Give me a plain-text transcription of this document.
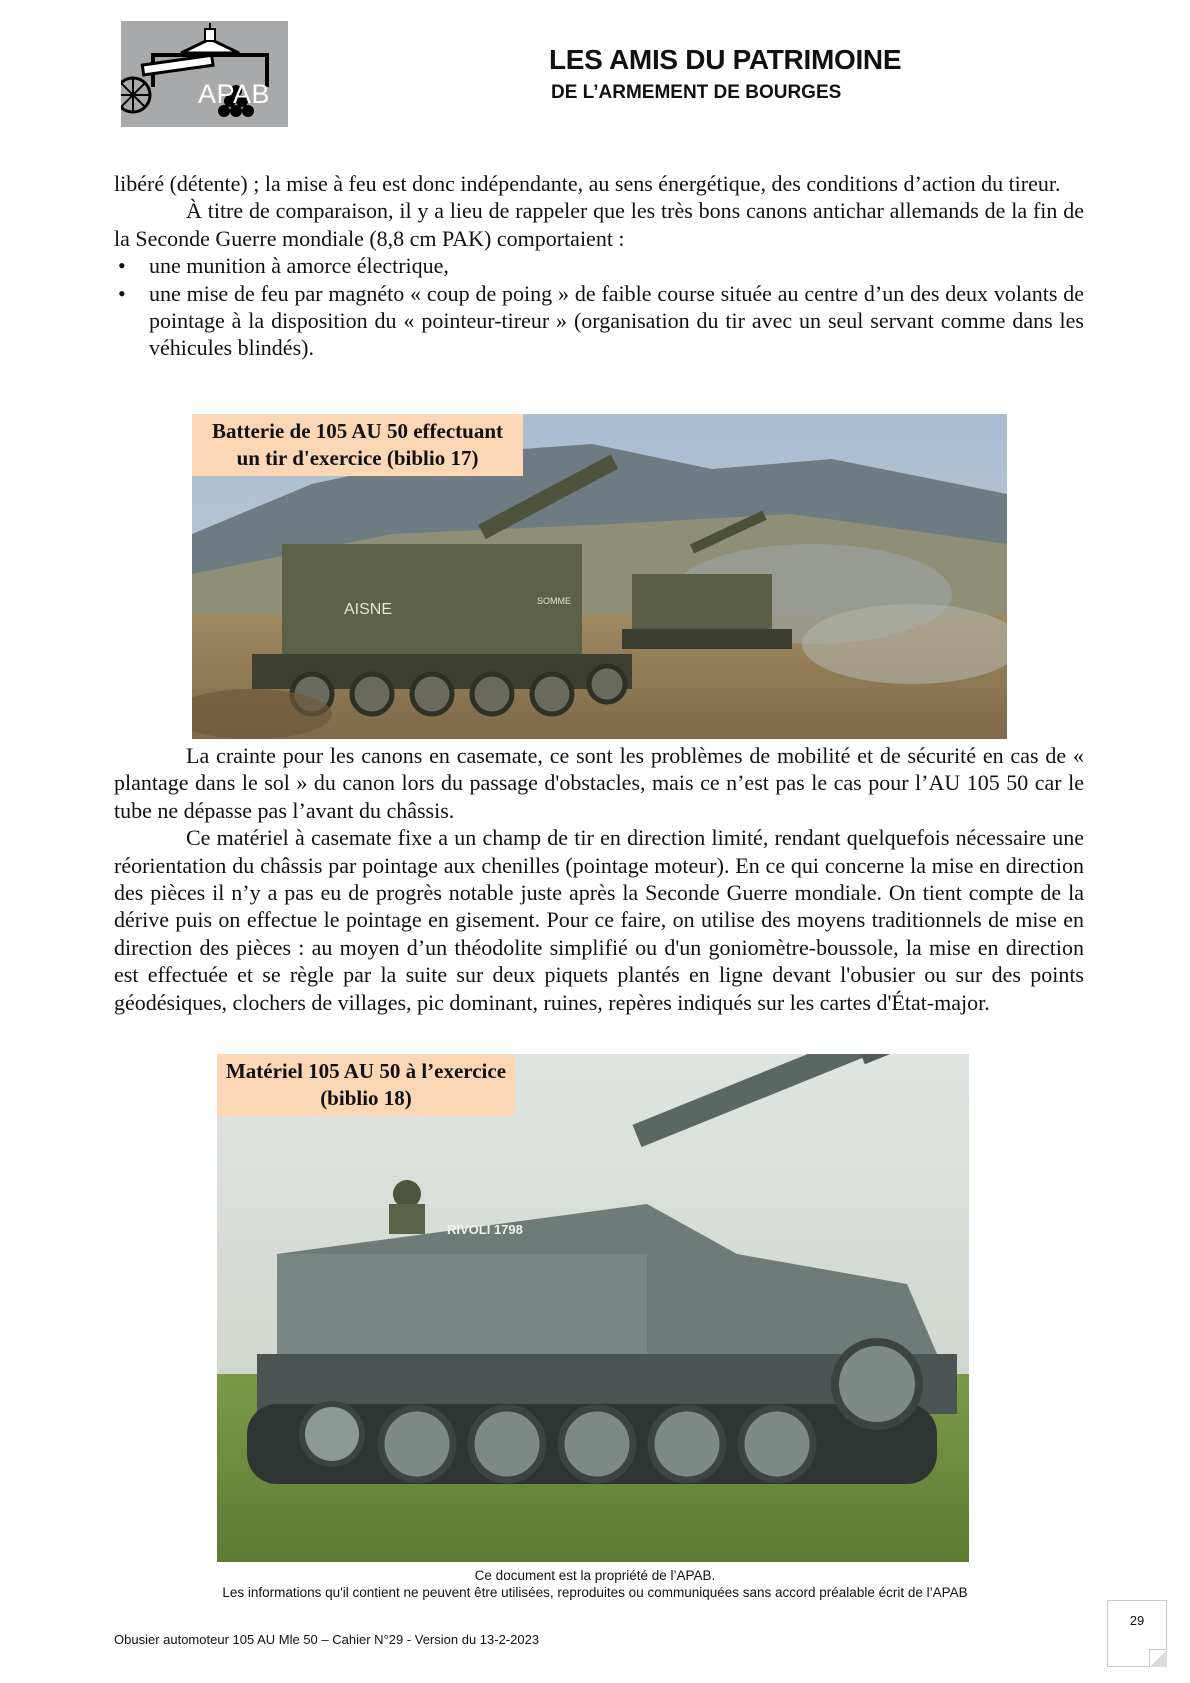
APAB
LES AMIS DU PATRIMOINE
DE L’ARMEMENT DE BOURGES

libéré (détente) ; la mise à feu est donc indépendante, au sens énergétique, des conditions d’action du tireur.

À titre de comparaison, il y a lieu de rappeler que les très bons canons antichar allemands de la fin de la Seconde Guerre mondiale (8,8 cm PAK) comportaient :

• une munition à amorce électrique,
• une mise de feu par magnéto « coup de poing » de faible course située au centre d’un des deux volants de pointage à la disposition du « pointeur-tireur » (organisation du tir avec un seul servant comme dans les véhicules blindés).
AISNE	SOMME
Batterie de 105 AU 50 effectuant
un tir d'exercice (biblio 17)

La crainte pour les canons en casemate, ce sont les problèmes de mobilité et de sécurité en cas de « plantage dans le sol » du canon lors du passage d'obstacles, mais ce n’est pas le cas pour l’AU 105 50 car le tube ne dépasse pas l’avant du châssis.

Ce matériel à casemate fixe a un champ de tir en direction limité, rendant quelquefois nécessaire une réorientation du châssis par pointage aux chenilles (pointage moteur). En ce qui concerne la mise en direction des pièces il n’y a pas eu de progrès notable juste après la Seconde Guerre mondiale. On tient compte de la dérive puis on effectue le pointage en gisement. Pour ce faire, on utilise des moyens traditionnels de mise en direction des pièces : au moyen d’un théodolite simplifié ou d'un goniomètre-boussole, la mise en direction est effectuée et se règle par la suite sur deux piquets plantés en ligne devant l'obusier ou sur des points géodésiques, clochers de villages, pic dominant, ruines, repères indiqués sur les cartes d'État-major.

RIVOLI 1798
Matériel 105 AU 50 à l’exercice
(biblio 18)
Ce document est la propriété de l’APAB.
Les informations qu'il contient ne peuvent être utilisées, reproduites ou communiquées sans accord préalable écrit de l’APAB
Obusier automoteur 105 AU Mle 50 – Cahier N°29 - Version du 13-2-2023
29
